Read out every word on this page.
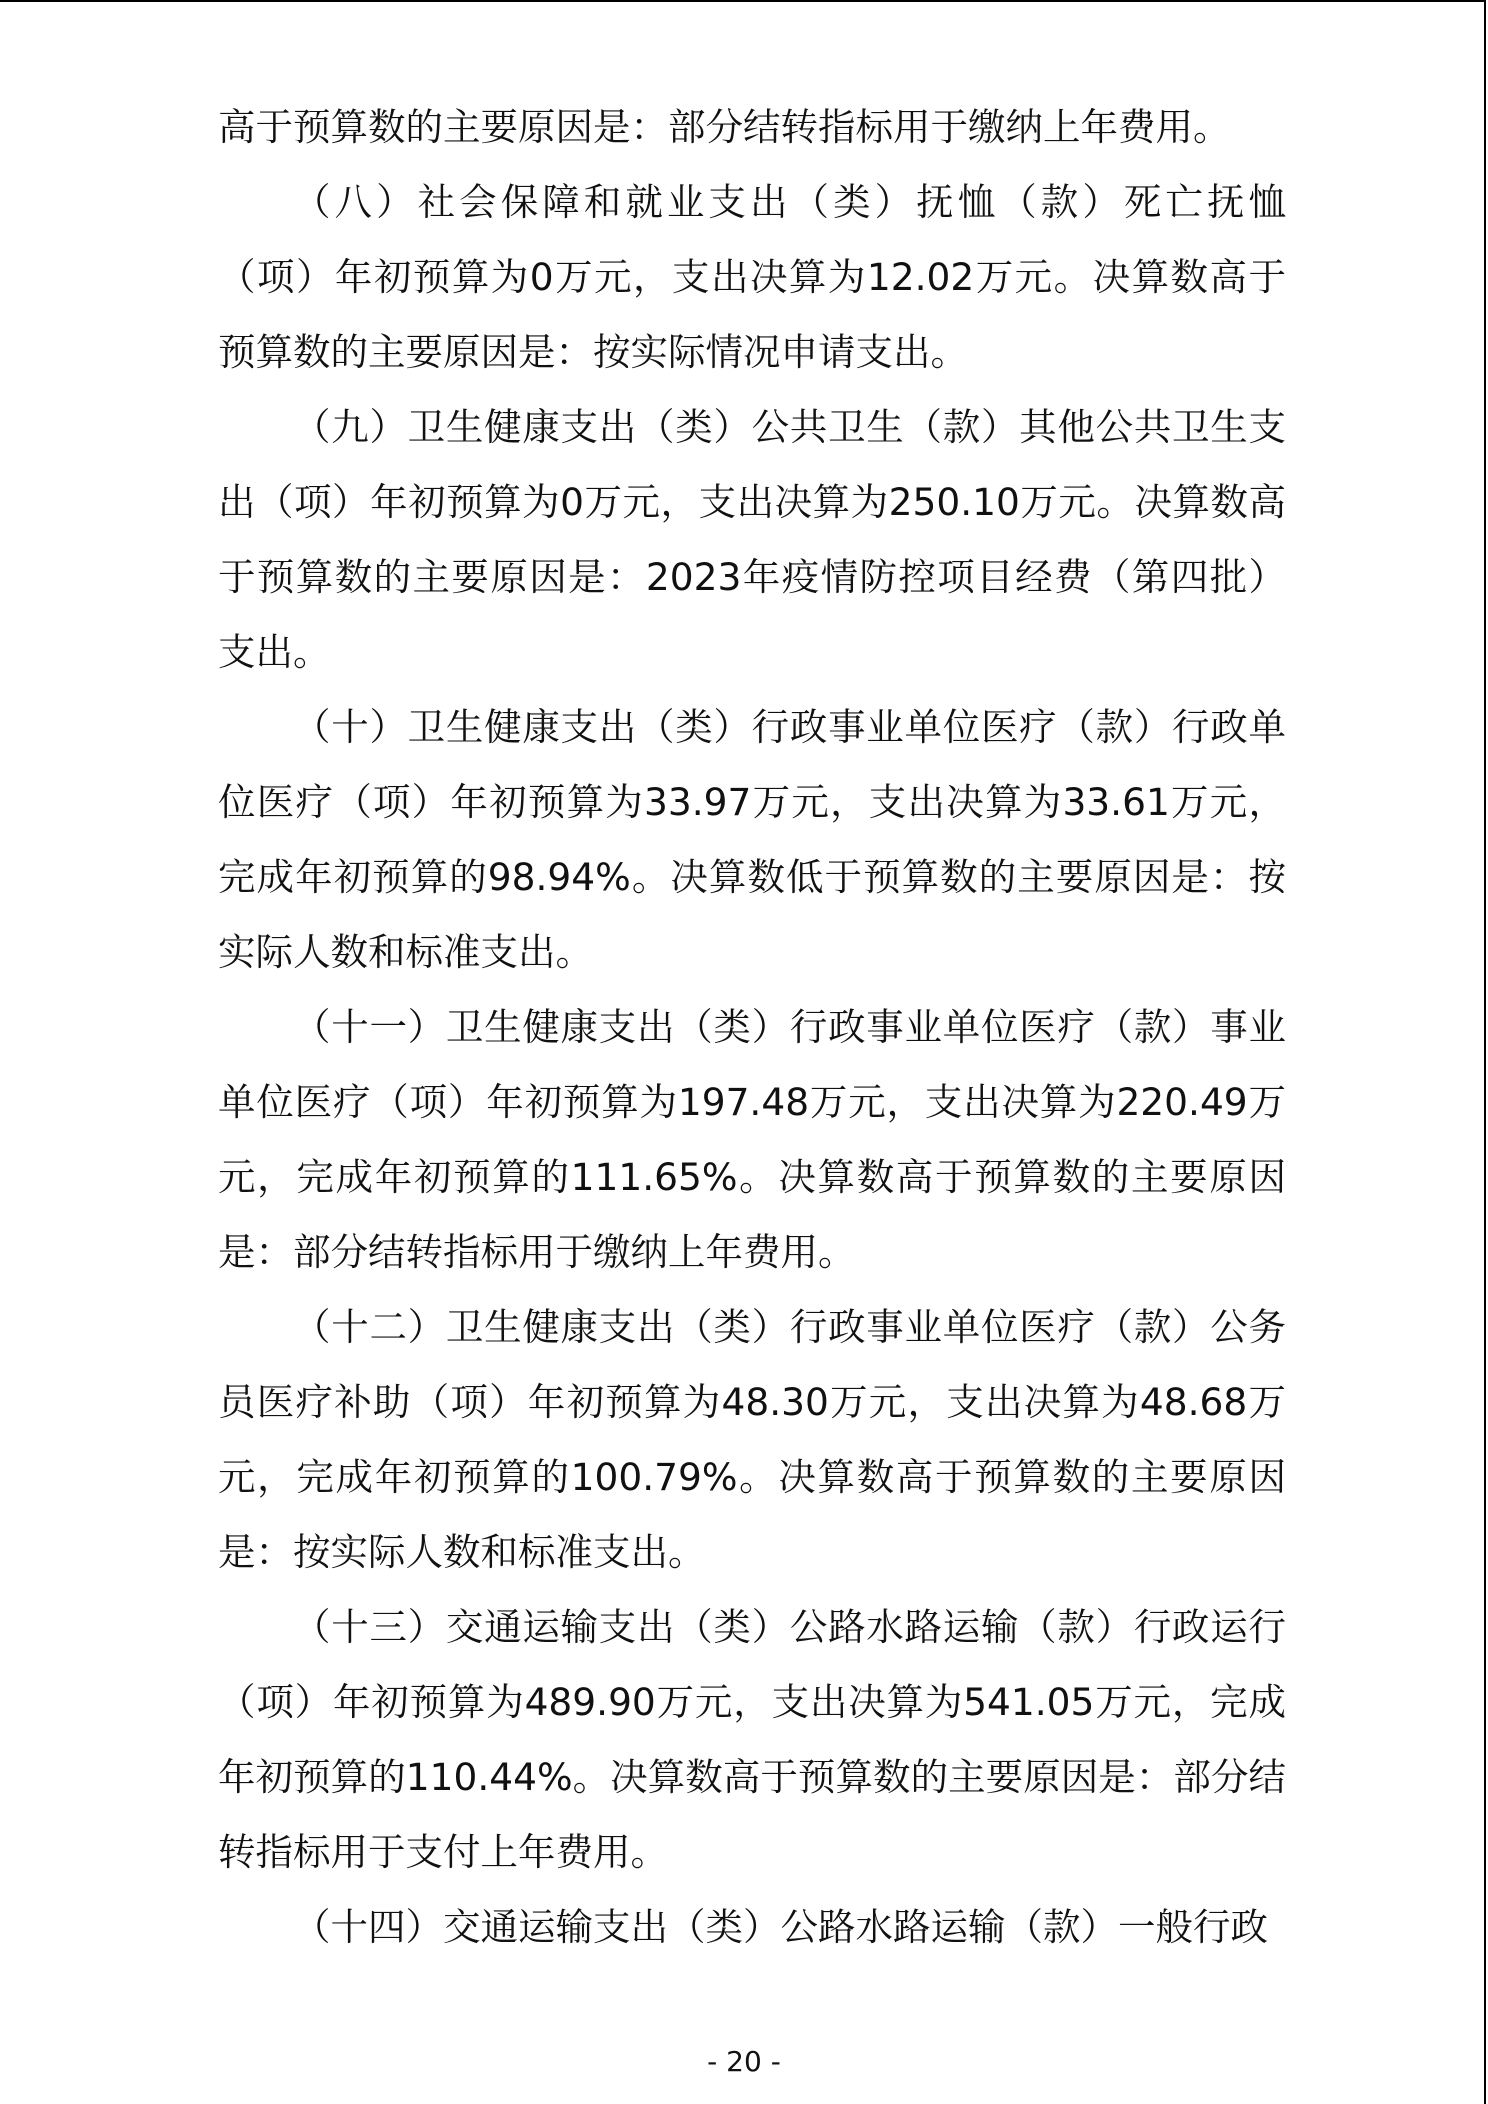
高于预算数的主要原因是：部分结转指标用于缴纳上年费用。

（八）社会保障和就业支出（类）抚恤（款）死亡抚恤（项）年初预算为0万元，支出决算为12.02万元。决算数高于预算数的主要原因是：按实际情况申请支出。

（九）卫生健康支出（类）公共卫生（款）其他公共卫生支出（项）年初预算为0万元，支出决算为250.10万元。决算数高于预算数的主要原因是：2023年疫情防控项目经费（第四批）支出。

（十）卫生健康支出（类）行政事业单位医疗（款）行政单位医疗（项）年初预算为33.97万元，支出决算为33.61万元，完成年初预算的98.94%。决算数低于预算数的主要原因是：按实际人数和标准支出。

（十一）卫生健康支出（类）行政事业单位医疗（款）事业单位医疗（项）年初预算为197.48万元，支出决算为220.49万元，完成年初预算的111.65%。决算数高于预算数的主要原因是：部分结转指标用于缴纳上年费用。

（十二）卫生健康支出（类）行政事业单位医疗（款）公务员医疗补助（项）年初预算为48.30万元，支出决算为48.68万元，完成年初预算的100.79%。决算数高于预算数的主要原因是：按实际人数和标准支出。

（十三）交通运输支出（类）公路水路运输（款）行政运行（项）年初预算为489.90万元，支出决算为541.05万元，完成年初预算的110.44%。决算数高于预算数的主要原因是：部分结转指标用于支付上年费用。

（十四）交通运输支出（类）公路水路运输（款）一般行政

- 20 -
